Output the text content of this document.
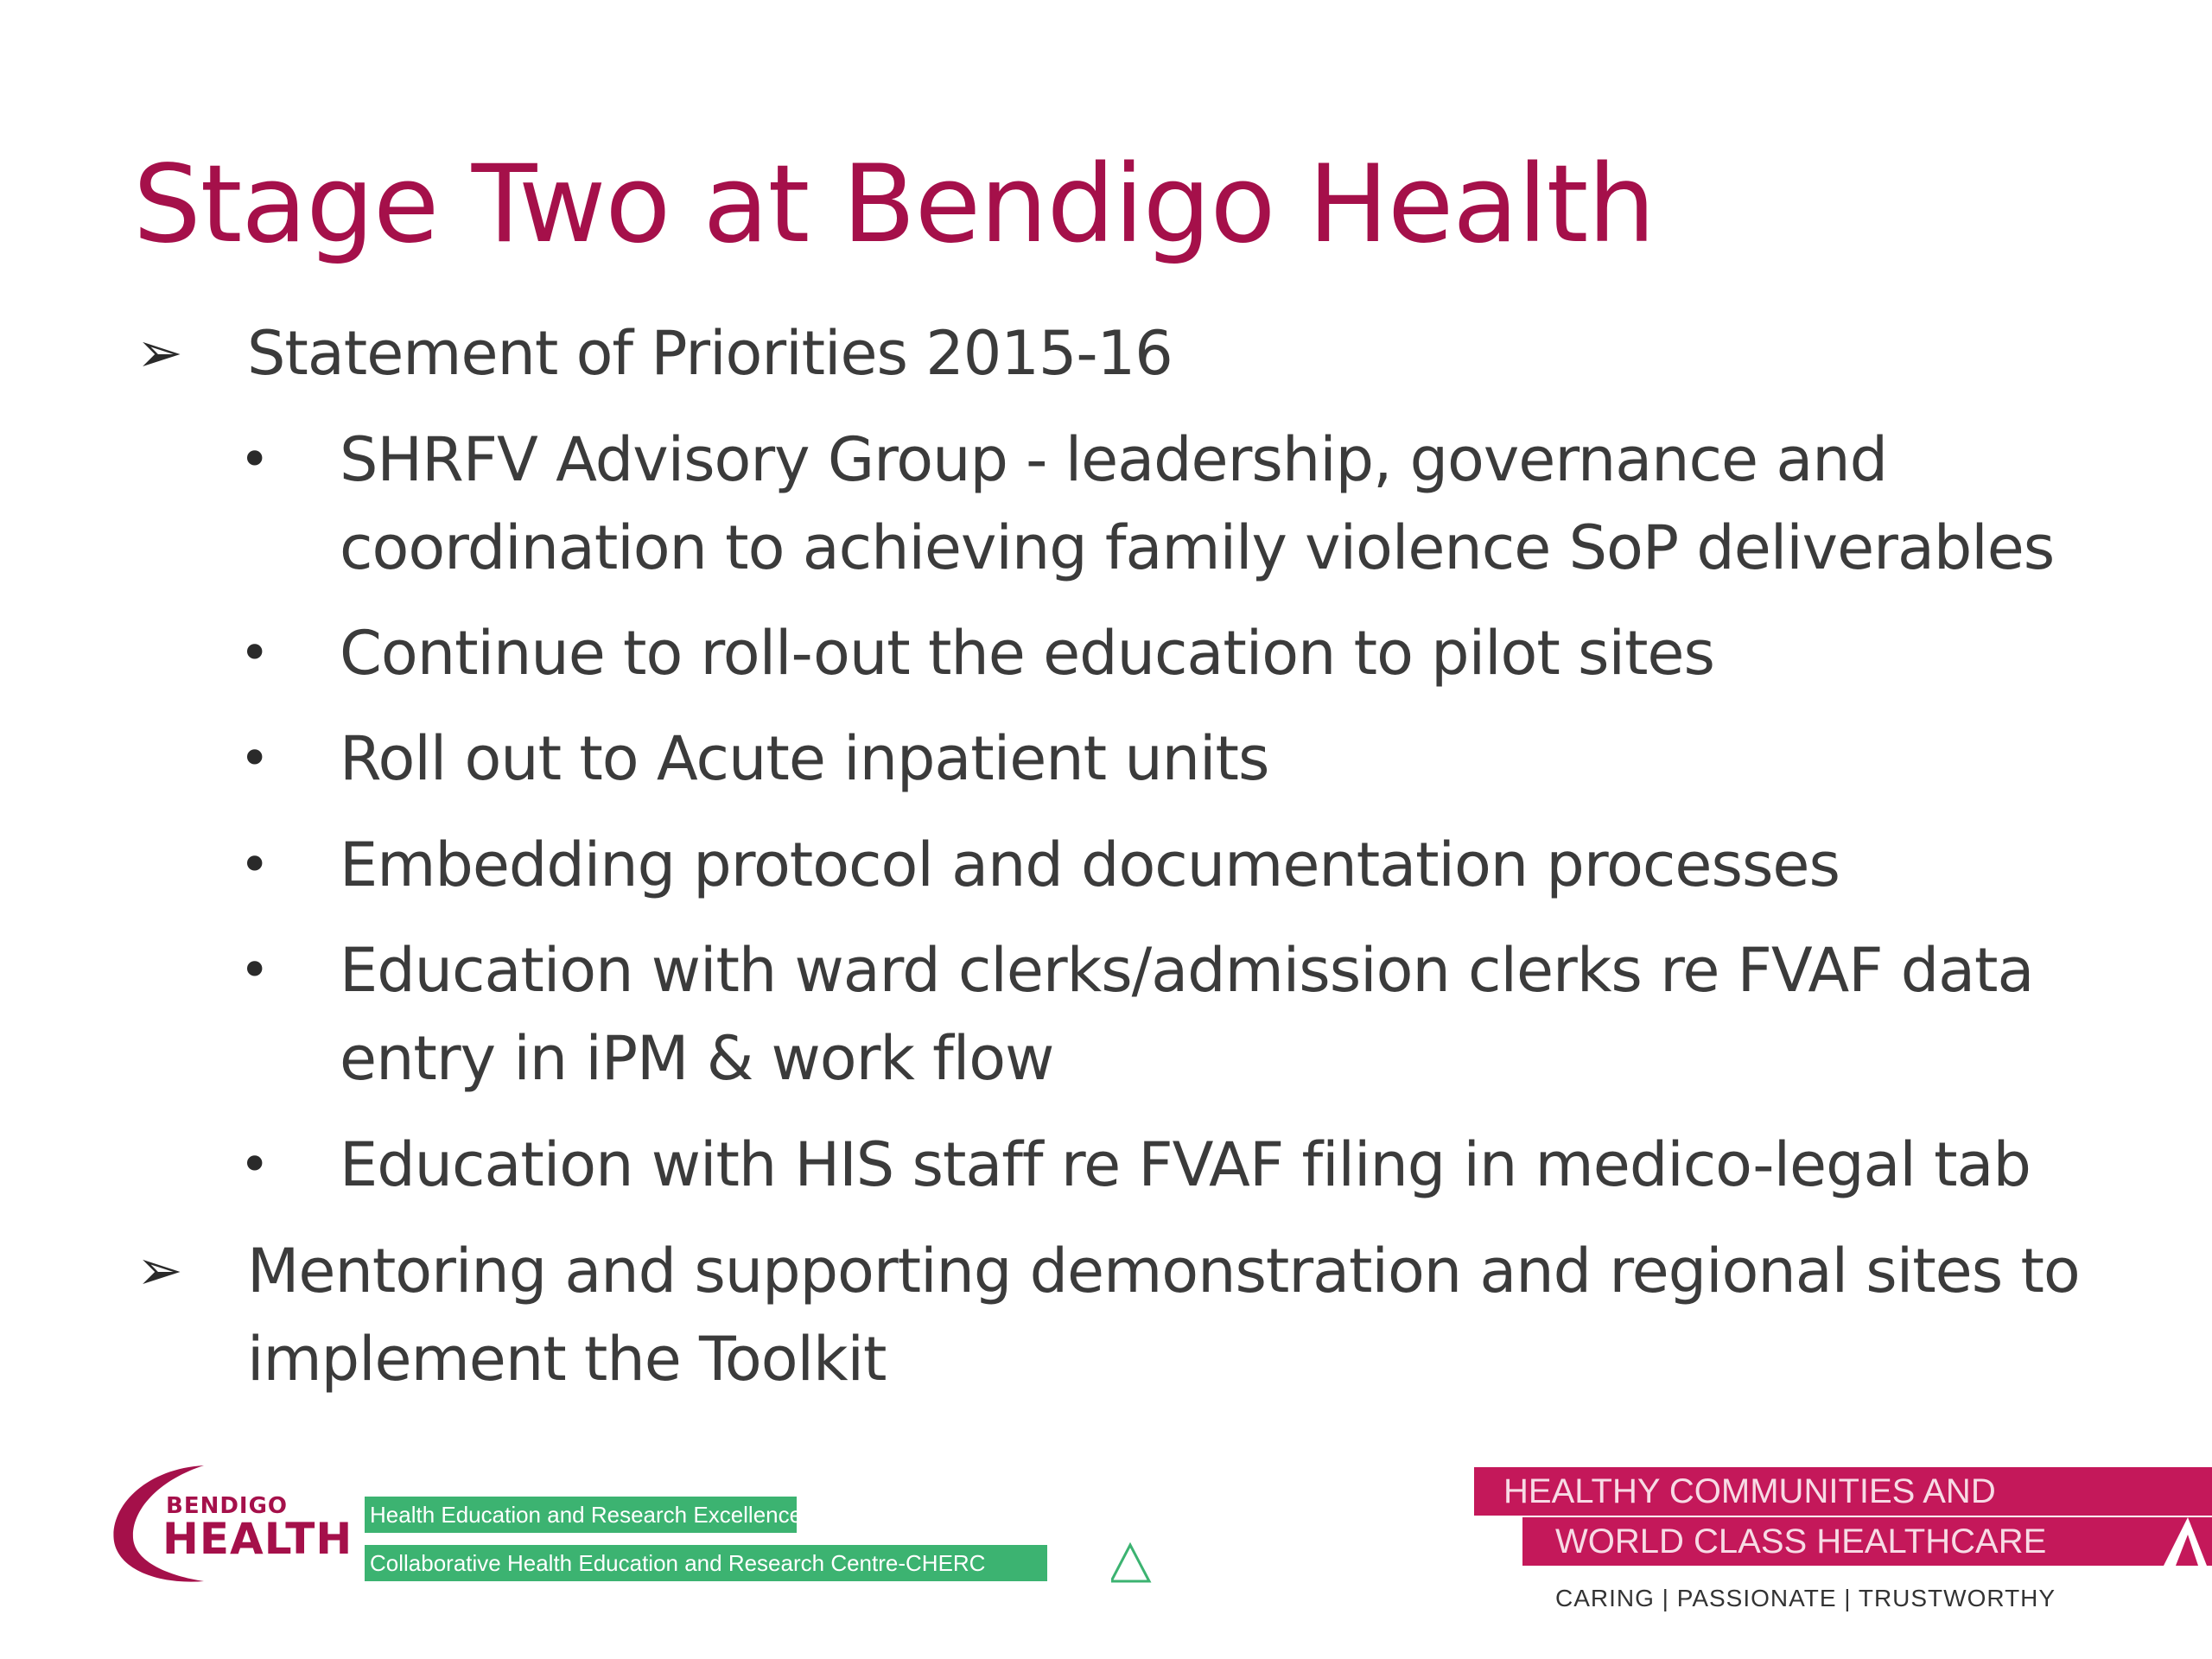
Stage Two at Bendigo Health
➢ Statement of Priorities 2015-16
• SHRFV Advisory Group - leadership, governance and
coordination to achieving family violence SoP deliverables
• Continue to roll-out the education to pilot sites
• Roll out to Acute inpatient units
• Embedding protocol and documentation processes
• Education with ward clerks/admission clerks re FVAF data
entry in iPM & work flow
• Education with HIS staff re FVAF filing in medico-legal tab
➢ Mentoring and supporting demonstration and regional sites to
implement the Toolkit
BENDIGO
HEALTH Health Education and Research Excellence
Collaborative Health Education and Research Centre-CHERC
HEALTHY COMMUNITIES AND
WORLD CLASS HEALTHCARE
CARING | PASSIONATE | TRUSTWORTHY
